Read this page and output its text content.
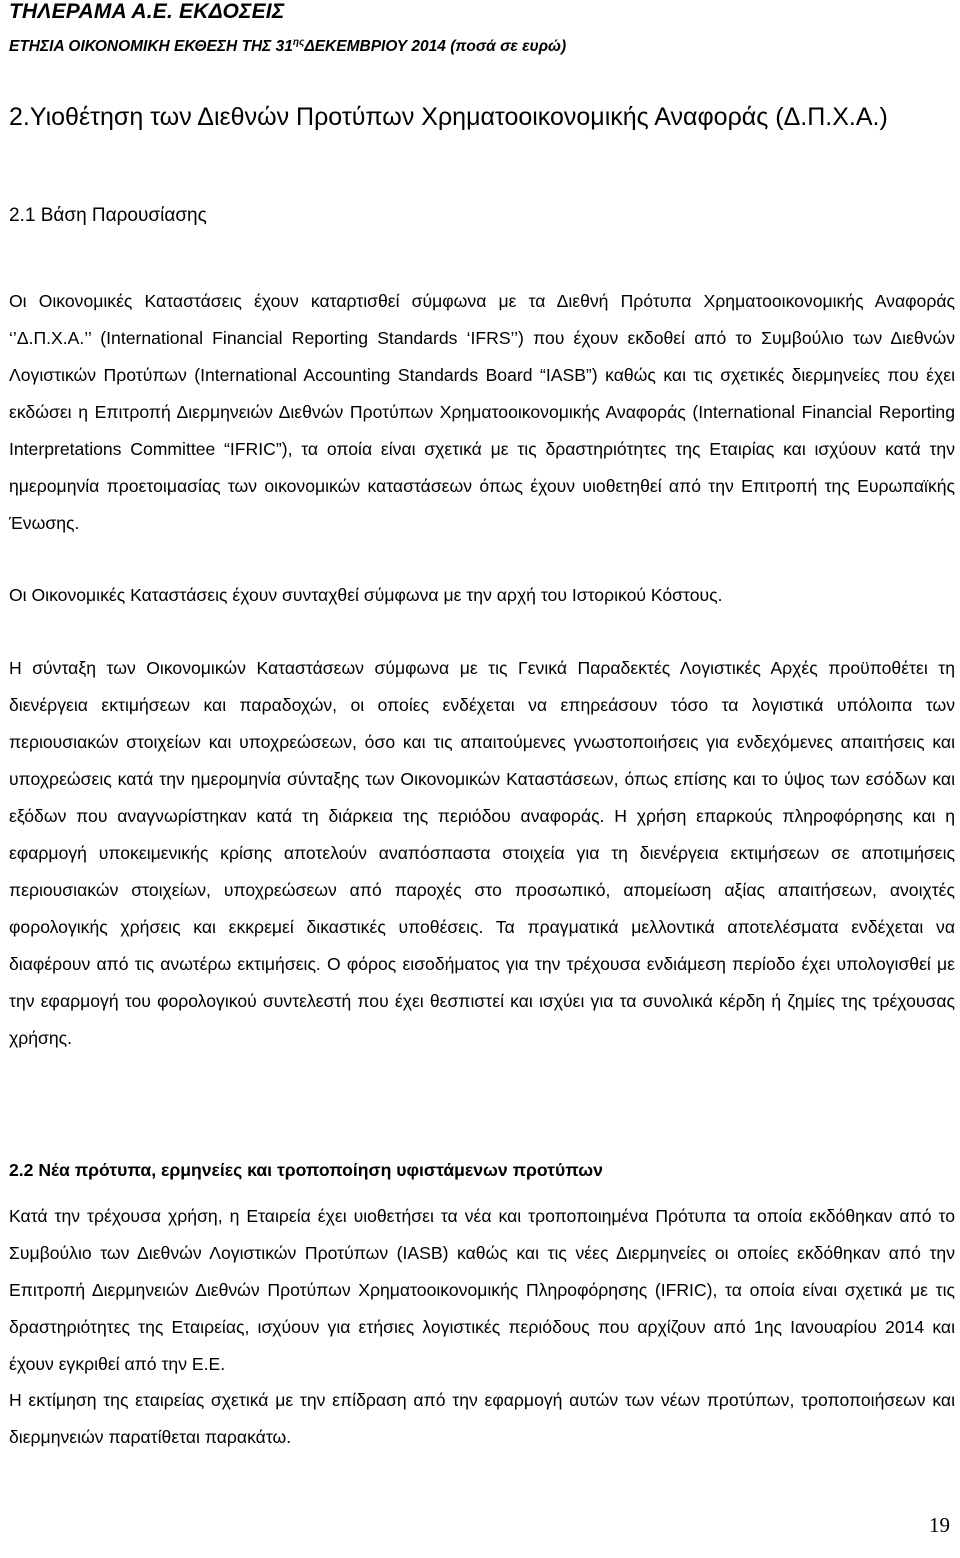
ΤΗΛΕΡΑΜΑ Α.Ε. ΕΚΔΟΣΕΙΣ
ΕΤΗΣΙΑ ΟΙΚΟΝΟΜΙΚΗ ΕΚΘΕΣΗ ΤΗΣ $31^{\eta\varsigma}\Delta EKEMBPIO\Upsilon$ 2014 (ποσά σε ευρώ)
2.Υιοθέτηση των Διεθνών Προτύπων Χρηματοοικονομικής Αναφοράς (Δ.Π.Χ.Α.)
2.1 Βάση Παρουσίασης

Οι Οικονομικές Καταστάσεις έχουν καταρτισθεί σύμφωνα με τα Διεθνή Πρότυπα Χρηματοοικονομικής Αναφοράς ‘’Δ.Π.Χ.Α.’’ (International Financial Reporting Standards ‘IFRS’’) που έχουν εκδοθεί από το Συμβούλιο των Διεθνών Λογιστικών Προτύπων (International Accounting Standards Board “IASB”) καθώς και τις σχετικές διερμηνείες που έχει εκδώσει η Επιτροπή Διερμηνειών Διεθνών Προτύπων Χρηματοοικονομικής Αναφοράς (International Financial Reporting Interpretations Committee “IFRIC”), τα οποία είναι σχετικά με τις δραστηριότητες της Εταιρίας και ισχύουν κατά την ημερομηνία προετοιμασίας των οικονομικών καταστάσεων όπως έχουν υιοθετηθεί από την Επιτροπή της Ευρωπαϊκής Ένωσης.

Οι Οικονομικές Καταστάσεις έχουν συνταχθεί σύμφωνα με την αρχή του Ιστορικού Κόστους.

Η σύνταξη των Οικονομικών Καταστάσεων σύμφωνα με τις Γενικά Παραδεκτές Λογιστικές Αρχές προϋποθέτει τη διενέργεια εκτιμήσεων και παραδοχών, οι οποίες ενδέχεται να επηρεάσουν τόσο τα λογιστικά υπόλοιπα των περιουσιακών στοιχείων και υποχρεώσεων, όσο και τις απαιτούμενες γνωστοποιήσεις για ενδεχόμενες απαιτήσεις και υποχρεώσεις κατά την ημερομηνία σύνταξης των Οικονομικών Καταστάσεων, όπως επίσης και το ύψος των εσόδων και εξόδων που αναγνωρίστηκαν κατά τη διάρκεια της περιόδου αναφοράς. Η χρήση επαρκούς πληροφόρησης και η εφαρμογή υποκειμενικής κρίσης αποτελούν αναπόσπαστα στοιχεία για τη διενέργεια εκτιμήσεων σε αποτιμήσεις περιουσιακών στοιχείων, υποχρεώσεων από παροχές στο προσωπικό, απομείωση αξίας απαιτήσεων, ανοιχτές φορολογικής χρήσεις και εκκρεμεί δικαστικές υποθέσεις. Τα πραγματικά μελλοντικά αποτελέσματα ενδέχεται να διαφέρουν από τις ανωτέρω εκτιμήσεις. Ο φόρος εισοδήματος για την τρέχουσα ενδιάμεση περίοδο έχει υπολογισθεί με την εφαρμογή του φορολογικού συντελεστή που έχει θεσπιστεί και ισχύει για τα συνολικά κέρδη ή ζημίες της τρέχουσας χρήσης.

2.2 Νέα πρότυπα, ερμηνείες και τροποποίηση υφιστάμενων προτύπων

Κατά την τρέχουσα χρήση, η Εταιρεία έχει υιοθετήσει τα νέα και τροποποιημένα Πρότυπα τα οποία εκδόθηκαν από το Συμβούλιο των Διεθνών Λογιστικών Προτύπων (IASB) καθώς και τις νέες Διερμηνείες οι οποίες εκδόθηκαν από την Επιτροπή Διερμηνειών Διεθνών Προτύπων Χρηματοοικονομικής Πληροφόρησης (IFRIC), τα οποία είναι σχετικά με τις δραστηριότητες της Εταιρείας, ισχύουν για ετήσιες λογιστικές περιόδους που αρχίζουν από 1ης Ιανουαρίου 2014 και έχουν εγκριθεί από την Ε.Ε.

Η εκτίμηση της εταιρείας σχετικά με την επίδραση από την εφαρμογή αυτών των νέων προτύπων, τροποποιήσεων και διερμηνειών παρατίθεται παρακάτω.

19
